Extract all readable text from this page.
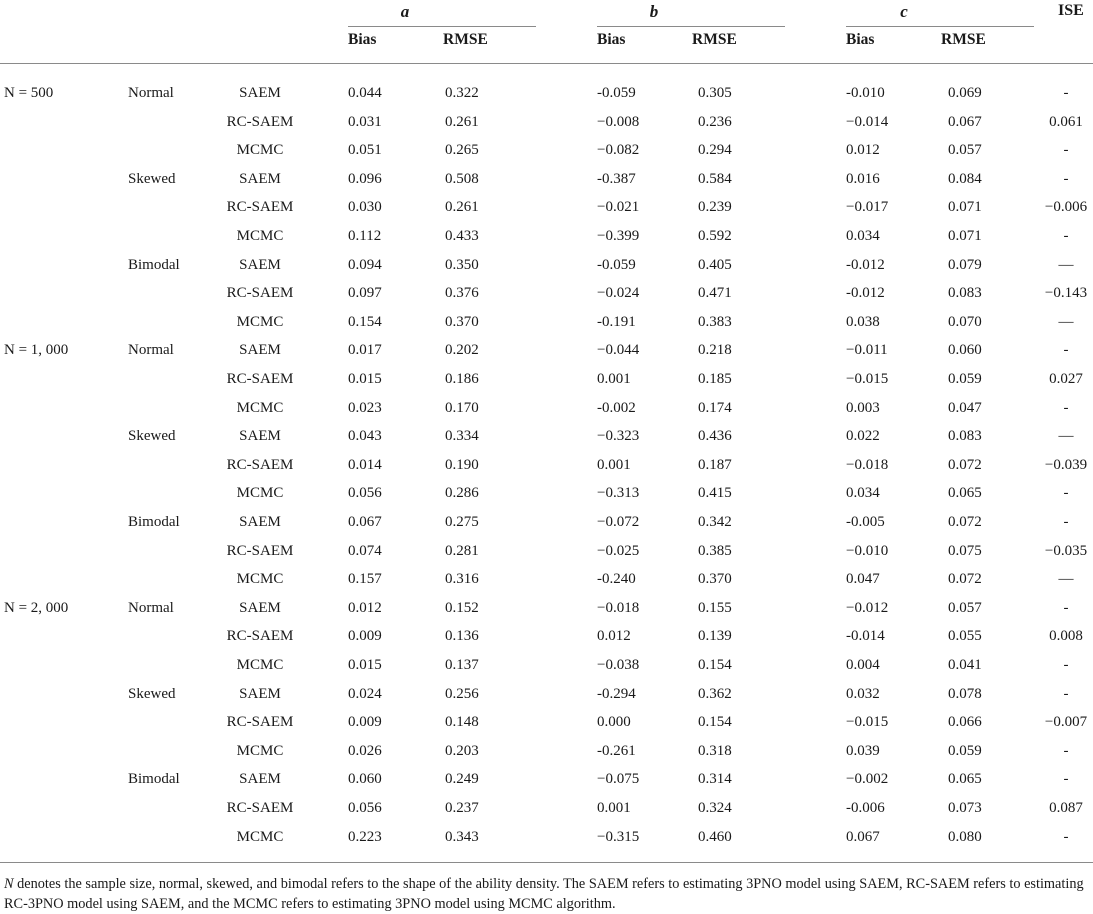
a	b	c	ISE
Bias	RMSE	Bias	RMSE	Bias	RMSE
N = 500	Normal	SAEM	0.044	0.322	-0.059	0.305	-0.010	0.069	-
RC-SAEM	0.031	0.261	−0.008	0.236	−0.014	0.067	0.061
MCMC	0.051	0.265	−0.082	0.294	0.012	0.057	-
Skewed	SAEM	0.096	0.508	-0.387	0.584	0.016	0.084	-
RC-SAEM	0.030	0.261	−0.021	0.239	−0.017	0.071	−0.006
MCMC	0.112	0.433	−0.399	0.592	0.034	0.071	-
Bimodal	SAEM	0.094	0.350	-0.059	0.405	-0.012	0.079	—
RC-SAEM	0.097	0.376	−0.024	0.471	-0.012	0.083	−0.143
MCMC	0.154	0.370	-0.191	0.383	0.038	0.070	—
N = 1, 000	Normal	SAEM	0.017	0.202	−0.044	0.218	−0.011	0.060	-
RC-SAEM	0.015	0.186	0.001	0.185	−0.015	0.059	0.027
MCMC	0.023	0.170	-0.002	0.174	0.003	0.047	-
Skewed	SAEM	0.043	0.334	−0.323	0.436	0.022	0.083	—
RC-SAEM	0.014	0.190	0.001	0.187	−0.018	0.072	−0.039
MCMC	0.056	0.286	−0.313	0.415	0.034	0.065	-
Bimodal	SAEM	0.067	0.275	−0.072	0.342	-0.005	0.072	-
RC-SAEM	0.074	0.281	−0.025	0.385	−0.010	0.075	−0.035
MCMC	0.157	0.316	-0.240	0.370	0.047	0.072	—
N = 2, 000	Normal	SAEM	0.012	0.152	−0.018	0.155	−0.012	0.057	-
RC-SAEM	0.009	0.136	0.012	0.139	-0.014	0.055	0.008
MCMC	0.015	0.137	−0.038	0.154	0.004	0.041	-
Skewed	SAEM	0.024	0.256	-0.294	0.362	0.032	0.078	-
RC-SAEM	0.009	0.148	0.000	0.154	−0.015	0.066	−0.007
MCMC	0.026	0.203	-0.261	0.318	0.039	0.059	-
Bimodal	SAEM	0.060	0.249	−0.075	0.314	−0.002	0.065	-
RC-SAEM	0.056	0.237	0.001	0.324	-0.006	0.073	0.087
MCMC	0.223	0.343	−0.315	0.460	0.067	0.080	-
N denotes the sample size, normal, skewed, and bimodal refers to the shape of the ability density. The SAEM refers to estimating 3PNO model using SAEM, RC-SAEM refers to estimating RC-3PNO model using SAEM, and the MCMC refers to estimating 3PNO model using MCMC algorithm.
